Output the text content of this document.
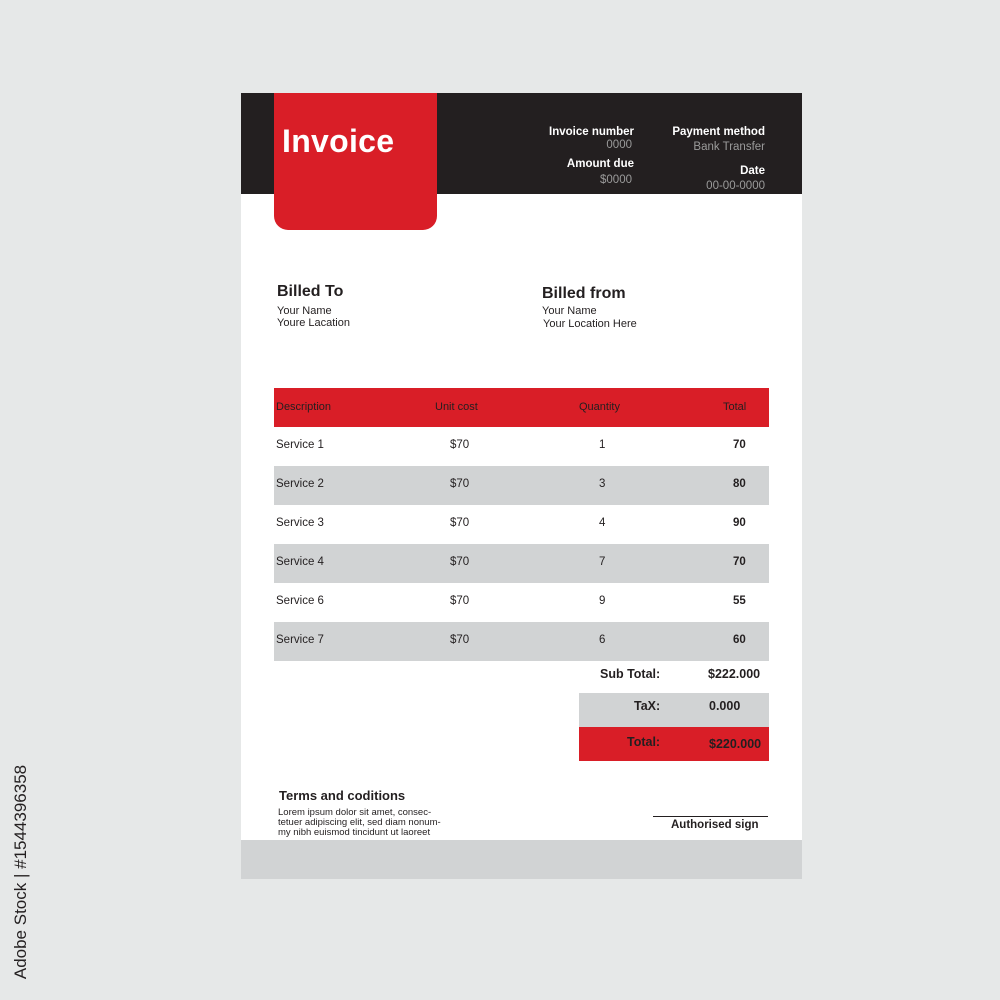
Invoice number
0000
Amount due
$0000
Payment method
Bank Transfer
Date
00-00-0000
Invoice
Billed To
Your Name
Youre Lacation
Billed from
Your Name
Your Location Here
Description	Unit cost	Quantity	Total
Service 1	$70	1	70
Service 2	$70	3	80
Service 3	$70	4	90
Service 4	$70	7	70
Service 6	$70	9	55
Service 7	$70	6	60
Sub Total:	$222.000
TaX:	0.000
Total:	$220.000
Terms and coditions
Lorem ipsum dolor sit amet, consec-
tetuer adipiscing elit, sed diam nonum-
my nibh euismod tincidunt ut laoreet
Authorised sign
Adobe Stock | #1544396358
